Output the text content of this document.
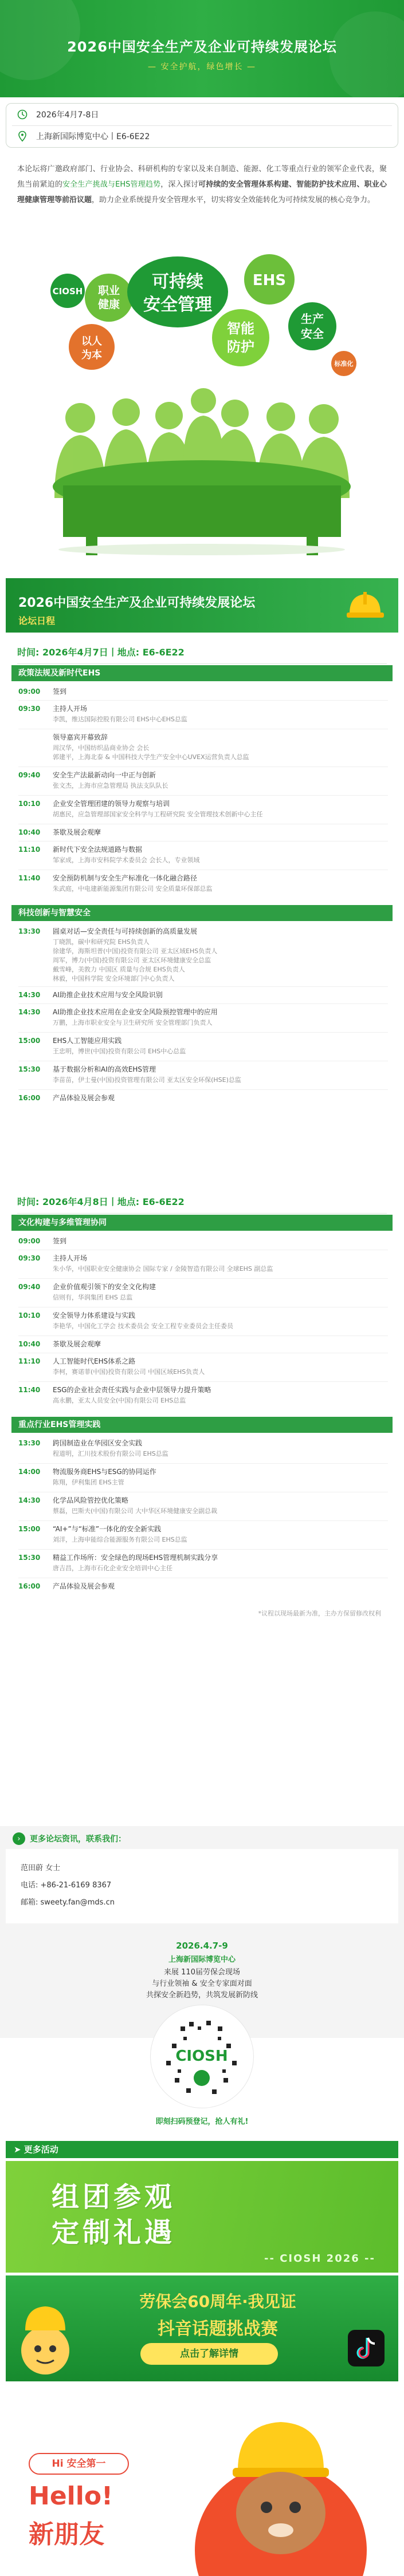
2026中国安全生产及企业可持续发展论坛
— 安全护航，绿色增长 —
2026年4月7-8日
上海新国际博览中心丨E6-6E22
本论坛将广邀政府部门、行业协会、科研机构的专家以及来自制造、能源、化工等重点行业的领军企业代表，聚焦当前紧迫的安全生产挑战与EHS管理趋势，深入探讨可持续的安全管理体系构建、智能防护技术应用、职业心理健康管理等前沿议题，助力企业系统提升安全管理水平，切实将安全效能转化为可持续发展的核心竞争力。
CIOSH 职业
健康
以人
为本
可持续
安全管理
EHS
智能
防护
生产
安全
标准化
2026中国安全生产及企业可持续发展论坛
论坛日程
时间: 2026年4月7日丨地点: E6-6E22
政策法规及新时代EHS
09:00	签到
09:30	主持人开场
李凯，维达国际控股有限公司 EHS中心EHS总监
领导嘉宾开幕致辞
周汉华，中国纺织品商业协会 会长
郭建平，上海北泰 & 中国科技大学生产安全中心UVEX运营负责人总监
09:40	安全生产法最新动向一中正与创新
张文杰，上海市应急管理局 执法支队队长
10:10	企业安全管理团建的领导力观察与培训
胡惠民，应急管理部国家安全科学与工程研究院 安全管理技术创新中心主任
10:40	茶歇及展会观摩
11:10	新时代下安全法规道路与数据
邹家成，上海市安科院学术委员会 会长人，专业领域
11:40	安全预防机制与安全生产标准化一体化融合路径
朱武庭，中电建新能源集团有限公司 安全质量环保部总监
科技创新与智慧安全
13:30	圆桌对话—安全责任与可持续创新的高质量发展
丁晓凯，碳中和研究院 EHS负责人
徐建华，海斯坦普(中国)投资有限公司 亚太区域EHS负责人
周军，博力(中国)投资有限公司 亚太区环境健康安全总监
戴雪峰，美敦力 中国区 质量与合规 EHS负责人
林毅，中国科学院 安全环境部门中心负责人
14:30	AI助推企业技术应用与安全风险识别
14:30	AI助推企业技术应用在企业安全风险预控管理中的应用
万鹏，上海市职业安全与卫生研究所 安全管理部门负责人
15:00	EHS人工智能应用实践
王忠明，博世(中国)投资有限公司 EHS中心总监
15:30	基于数据分析和AI的高效EHS管理
李苗苗，伊士曼(中国)投资管理有限公司 亚太区安全环保(HSE)总监
16:00	产品体验及展会参观
时间: 2026年4月8日丨地点: E6-6E22
文化构建与多维管理协同
09:00	签到
09:30	主持人开场
朱小华，中国职业安全健康协会 国际专家 / 金陵智造有限公司 全球EHS 副总监
09:40	企业价值观引领下的安全文化构建
信则有，华润集团 EHS 总监
10:10	安全领导力体系建设与实践
李艳华，中国化工学会 技术委员会 安全工程专业委员会主任委员
10:40	茶歇及展会观摩
11:10	人工智能时代EHS体系之路
李柯，赛诺菲(中国)投资有限公司 中国区域EHS负责人
11:40	ESG的企业社会责任实践与企业中层领导力提升策略
高永鹏，亚太人员安全(中国)有限公司 EHS总监
重点行业EHS管理实践
13:30	跨国制造业在华园区安全实践
程道明，汇川技术股份有限公司 EHS总监
14:00	物流服务商EHS与ESG的协同运作
陈翔，伊利集团 EHS主管
14:30	化学品风险管控优化策略
蔡磊，巴斯夫(中国)有限公司 大中华区环境健康安全副总裁
15:00	“AI+”与“标准”一体化的安全新实践
刘洋，上海申能综合能源服务有限公司 EHS总监
15:30	精益工作场所：安全绿色的现场EHS管理机制实践分享
唐吉昌，上海市石化企业安全培训中心主任
16:00	产品体验及展会参观
*议程以现场最新为准，主办方保留修改权利
›	更多论坛资讯，联系我们：
范田蔚 女士
电话: +86-21-6169 8367
邮箱: sweety.fan@mds.cn
2026.4.7-9
上海新国际博览中心
来展 110届劳保会现场
与行业领袖 & 安全专家面对面
共探安全新趋势，共筑发展新防线
CIOSH
即刻扫码预登记，抢人有礼!
➤ 更多活动
组团参观
定制礼遇
-- CIOSH 2026 --
劳保会60周年·我见证
抖音话题挑战赛
点击了解详情
Hi 安全第一
Hello!
新朋友
